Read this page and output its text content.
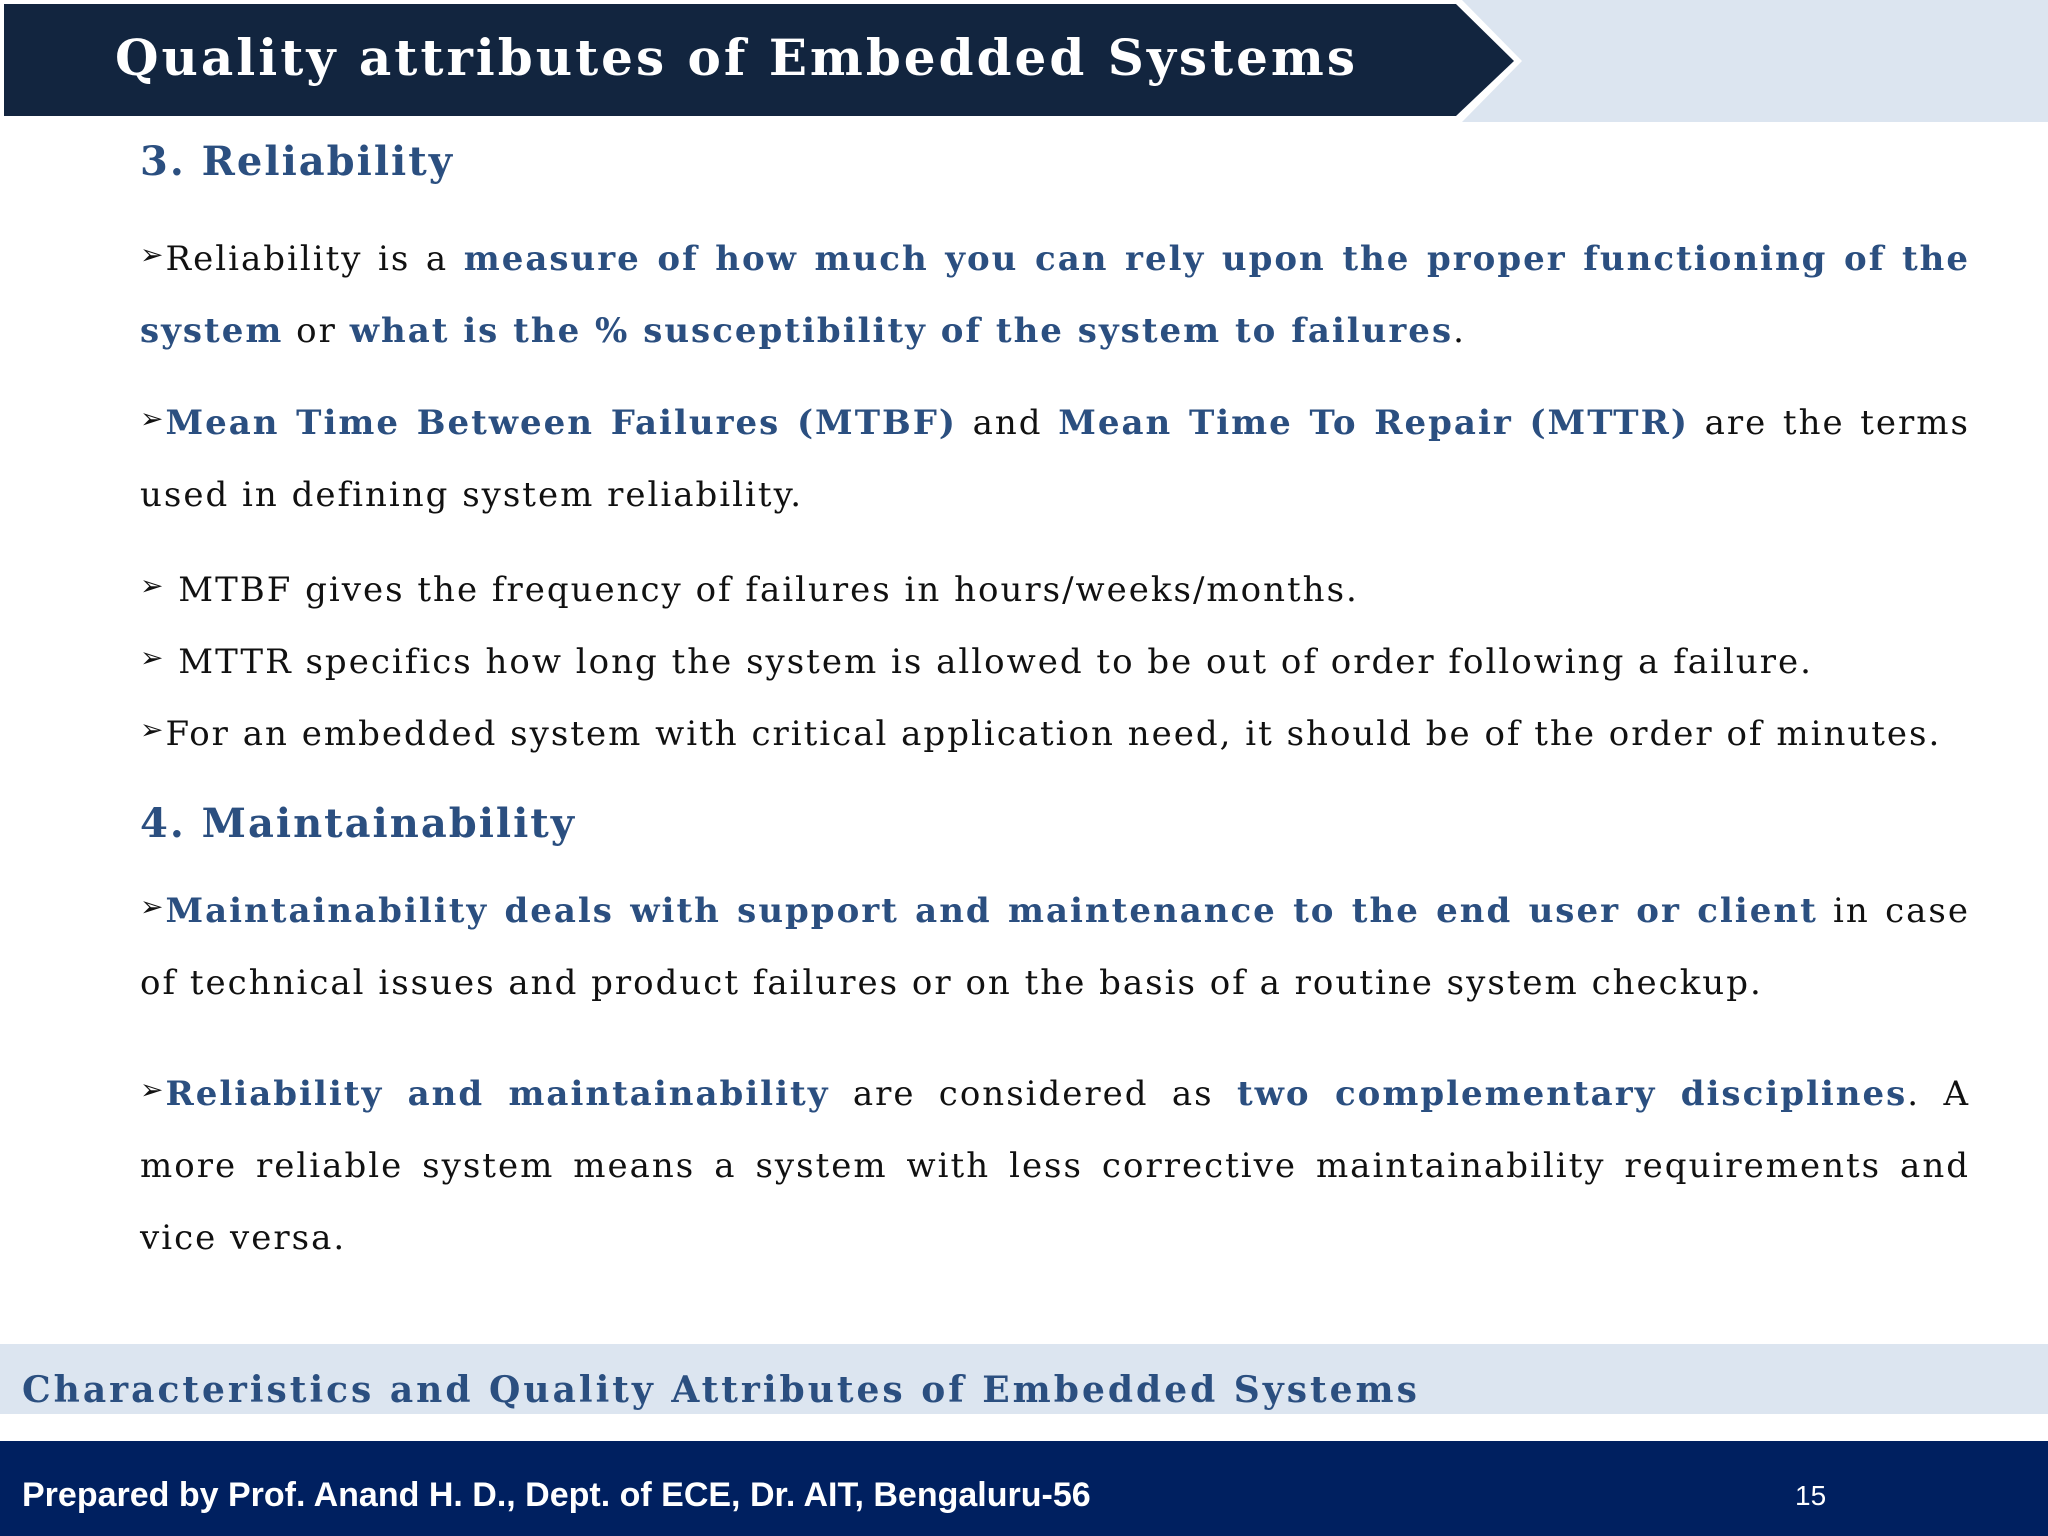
Quality attributes of Embedded Systems
3. Reliability
➢Reliability is a measure of how much you can rely upon the proper functioning of the system or what is the % susceptibility of the system to failures.
➢Mean Time Between Failures (MTBF) and Mean Time To Repair (MTTR) are the terms used in defining system reliability.
➢ MTBF gives the frequency of failures in hours/weeks/months.
➢ MTTR specifics how long the system is allowed to be out of order following a failure.
➢For an embedded system with critical application need, it should be of the order of minutes.
4. Maintainability
➢Maintainability deals with support and maintenance to the end user or client in case of technical issues and product failures or on the basis of a routine system checkup.
➢Reliability and maintainability are considered as two complementary disciplines. A more reliable system means a system with less corrective maintainability requirements and vice versa.
Characteristics and Quality Attributes of Embedded Systems
Prepared by Prof. Anand H. D., Dept. of ECE, Dr. AIT, Bengaluru-56	15
